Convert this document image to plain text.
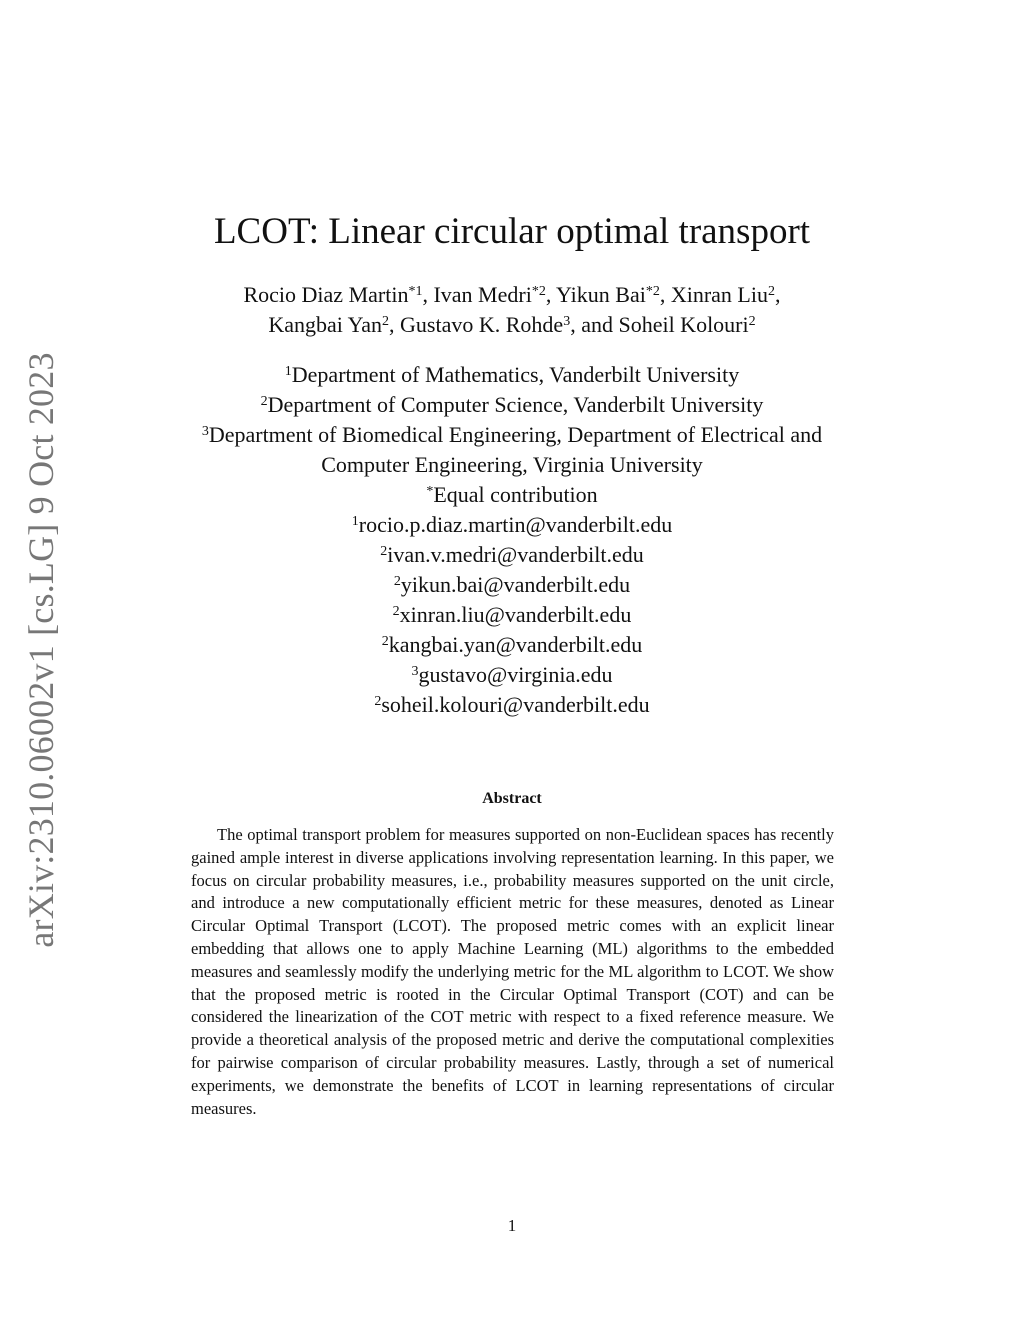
arXiv:2310.06002v1 [cs.LG] 9 Oct 2023
LCOT: Linear circular optimal transport
Rocio Diaz Martin$^{*1}$, Ivan Medri$^{*2}$, Yikun Bai$^{*2}$, Xinran Liu$^2$,
Kangbai Yan$^2$, Gustavo K. Rohde$^3$, and Soheil Kolouri$^2$
$^1$Department of Mathematics, Vanderbilt University
$^2$Department of Computer Science, Vanderbilt University
$^3$Department of Biomedical Engineering, Department of Electrical and
Computer Engineering, Virginia University
*Equal contribution
$^1$rocio.p.diaz.martin@vanderbilt.edu
$^2$ivan.v.medri@vanderbilt.edu
$^2$yikun.bai@vanderbilt.edu
$^2$xinran.liu@vanderbilt.edu
$^2$kangbai.yan@vanderbilt.edu
$^3$gustavo@virginia.edu
$^2$soheil.kolouri@vanderbilt.edu
Abstract
The optimal transport problem for measures supported on non-Euclidean spaces has recently gained ample interest in diverse applications involving representation learning. In this paper, we focus on circular probability measures, i.e., probability measures supported on the unit circle, and introduce a new computationally efficient metric for these measures, denoted as Linear Circular Optimal Transport (LCOT). The proposed metric comes with an explicit linear embedding that allows one to apply Machine Learning (ML) algorithms to the embedded measures and seamlessly modify the underlying metric for the ML algorithm to LCOT. We show that the proposed metric is rooted in the Circular Optimal Transport (COT) and can be considered the linearization of the COT metric with respect to a fixed reference measure. We provide a theoretical analysis of the proposed metric and derive the computational complexities for pairwise comparison of circular probability measures. Lastly, through a set of numerical experiments, we demonstrate the benefits of LCOT in learning representations of circular measures.
1
